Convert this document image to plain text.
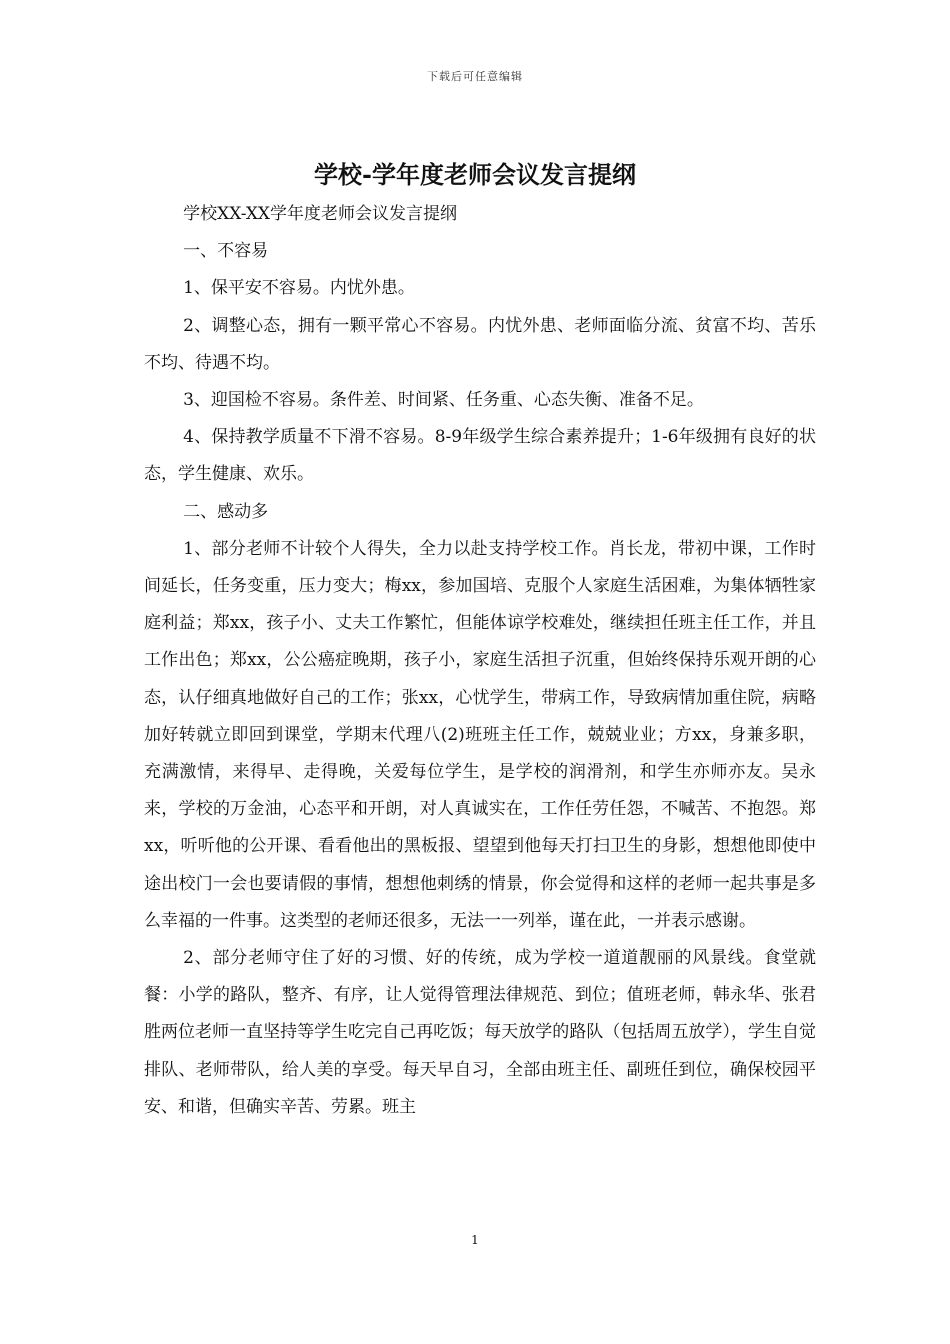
下载后可任意编辑
学校-学年度老师会议发言提纲

学校XX-XX学年度老师会议发言提纲

一、不容易

1、保平安不容易。内忧外患。

2、调整心态，拥有一颗平常心不容易。内忧外患、老师面临分流、贫富不均、苦乐不均、待遇不均。

3、迎国检不容易。条件差、时间紧、任务重、心态失衡、准备不足。

4、保持教学质量不下滑不容易。8-9年级学生综合素养提升；1-6年级拥有良好的状态，学生健康、欢乐。

二、感动多

1、部分老师不计较个人得失，全力以赴支持学校工作。肖长龙，带初中课，工作时间延长，任务变重，压力变大；梅xx，参加国培、克服个人家庭生活困难，为集体牺牲家庭利益；郑xx，孩子小、丈夫工作繁忙，但能体谅学校难处，继续担任班主任工作，并且工作出色；郑xx，公公癌症晚期，孩子小，家庭生活担子沉重，但始终保持乐观开朗的心态，认仔细真地做好自己的工作；张xx，心忧学生，带病工作，导致病情加重住院，病略加好转就立即回到课堂，学期末代理八(2)班班主任工作，兢兢业业；方xx，身兼多职，充满激情，来得早、走得晚，关爱每位学生，是学校的润滑剂，和学生亦师亦友。吴永来，学校的万金油，心态平和开朗，对人真诚实在，工作任劳任怨，不喊苦、不抱怨。郑xx，听听他的公开课、看看他出的黑板报、望望到他每天打扫卫生的身影，想想他即使中途出校门一会也要请假的事情，想想他刺绣的情景，你会觉得和这样的老师一起共事是多么幸福的一件事。这类型的老师还很多，无法一一列举，谨在此，一并表示感谢。

2、部分老师守住了好的习惯、好的传统，成为学校一道道靓丽的风景线。食堂就餐：小学的路队，整齐、有序，让人觉得管理法律规范、到位；值班老师，韩永华、张君胜两位老师一直坚持等学生吃完自己再吃饭；每天放学的路队（包括周五放学），学生自觉排队、老师带队，给人美的享受。每天早自习，全部由班主任、副班任到位，确保校园平安、和谐，但确实辛苦、劳累。班主

1
